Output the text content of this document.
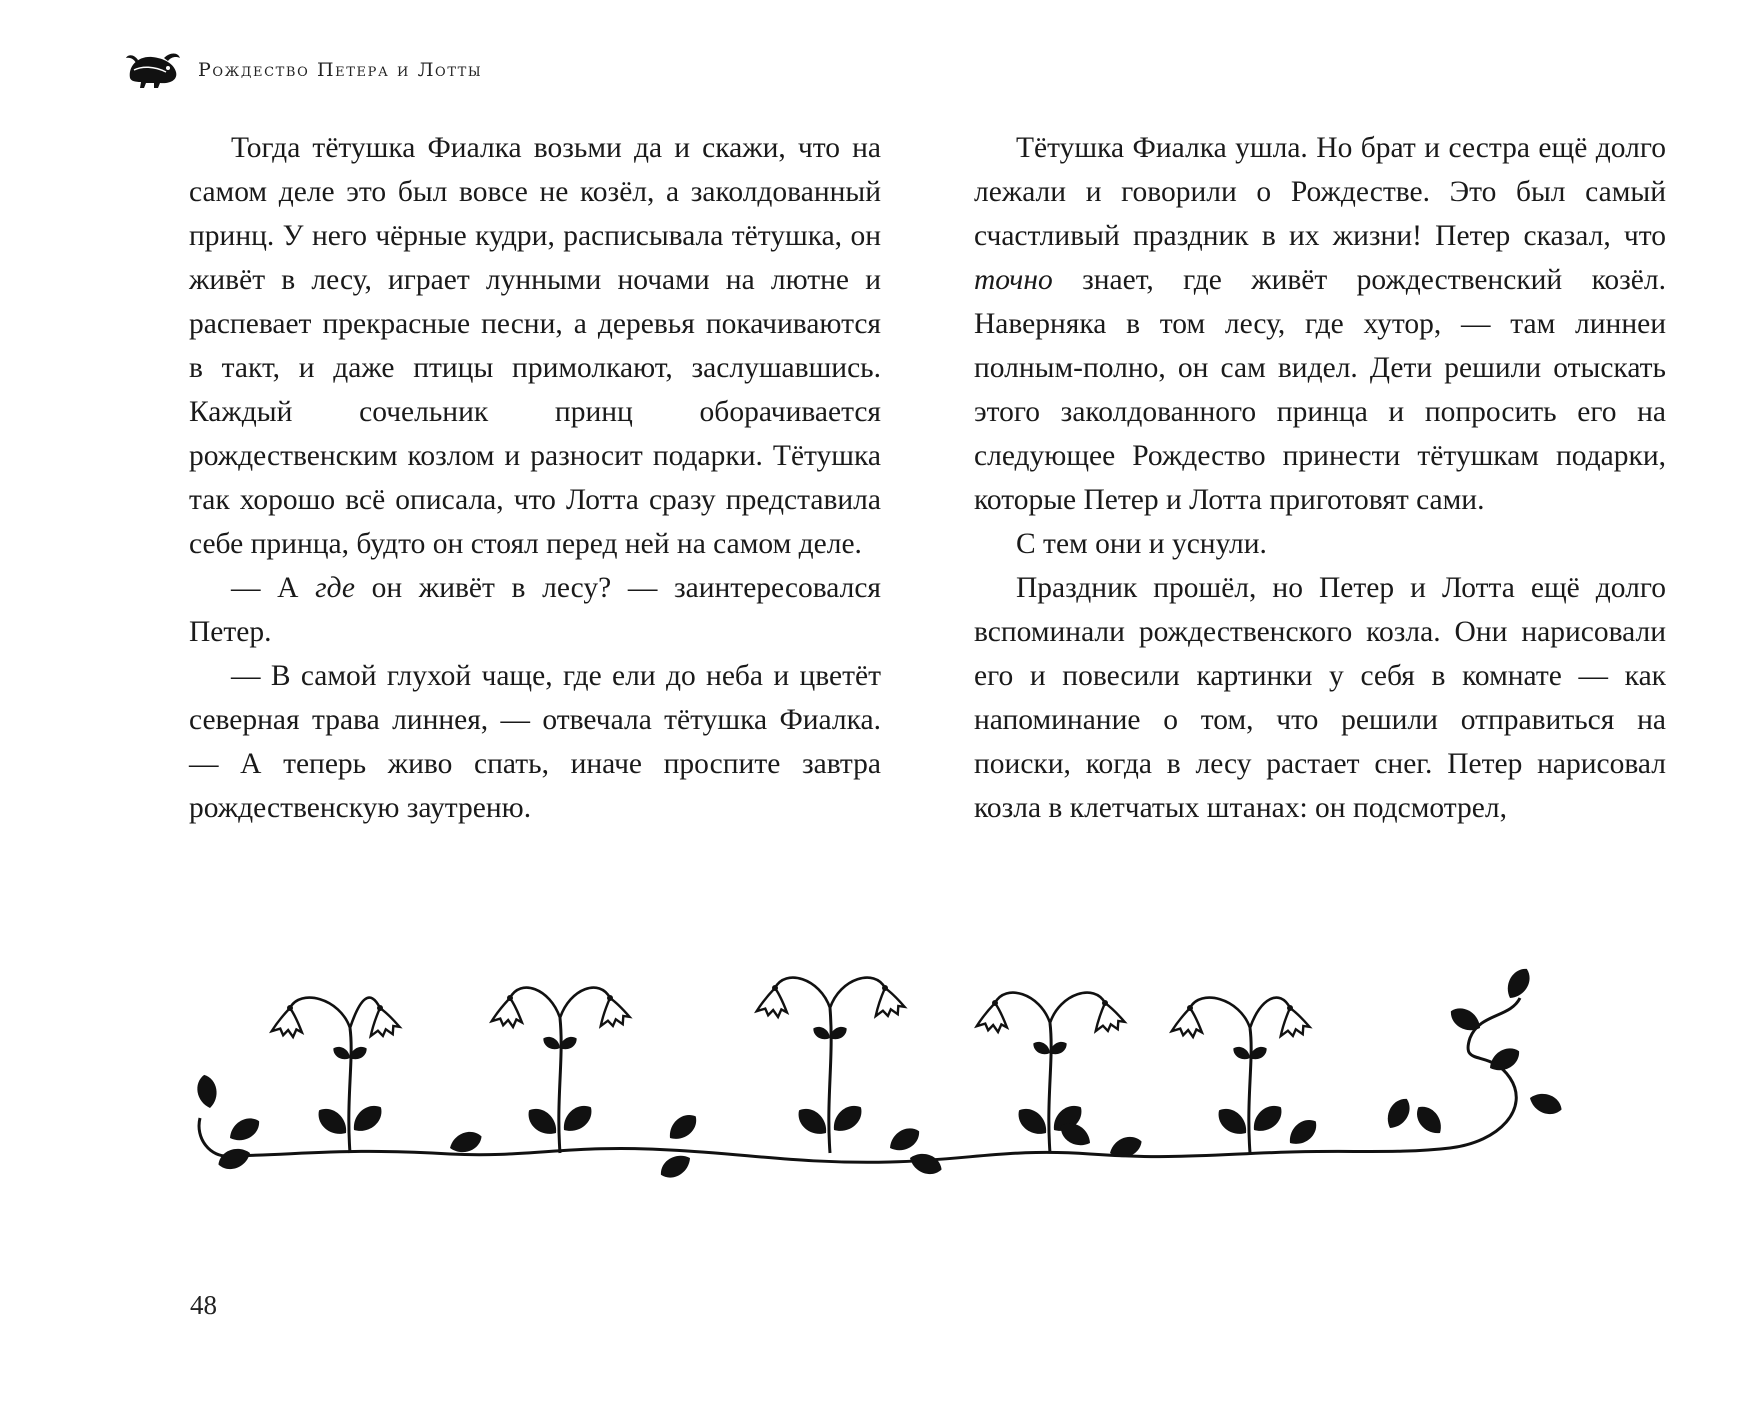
Рождество Петера и Лотты

Тогда тётушка Фиалка возьми да и скажи, что на самом деле это был вовсе не козёл, а заколдованный принц. У него чёрные кудри, расписывала тётушка, он живёт в лесу, играет лунными ночами на лютне и распевает прекрасные песни, а деревья покачиваются в такт, и даже птицы примолкают, заслушавшись. Каждый сочельник принц оборачивается рождественским козлом и разносит подарки. Тётушка так хорошо всё описала, что Лотта сразу представила себе принца, будто он стоял перед ней на самом деле.

— А где он живёт в лесу? — заинтересовался Петер.

— В самой глухой чаще, где ели до неба и цветёт северная трава линнея, — отвечала тётушка Фиалка. — А теперь живо спать, иначе проспите завтра рождественскую заутреню.

Тётушка Фиалка ушла. Но брат и сестра ещё долго лежали и говорили о Рождестве. Это был самый счастливый праздник в их жизни! Петер сказал, что точно знает, где живёт рождественский козёл. Наверняка в том лесу, где хутор, — там линнеи полным-полно, он сам видел. Дети решили отыскать этого заколдованного принца и попросить его на следующее Рождество принести тётушкам подарки, которые Петер и Лотта приготовят сами.

С тем они и уснули.

Праздник прошёл, но Петер и Лотта ещё долго вспоминали рождественского козла. Они нарисовали его и повесили картинки у себя в комнате — как напоминание о том, что решили отправиться на поиски, когда в лесу растает снег. Петер нарисовал козла в клетчатых штанах: он подсмотрел,

48
